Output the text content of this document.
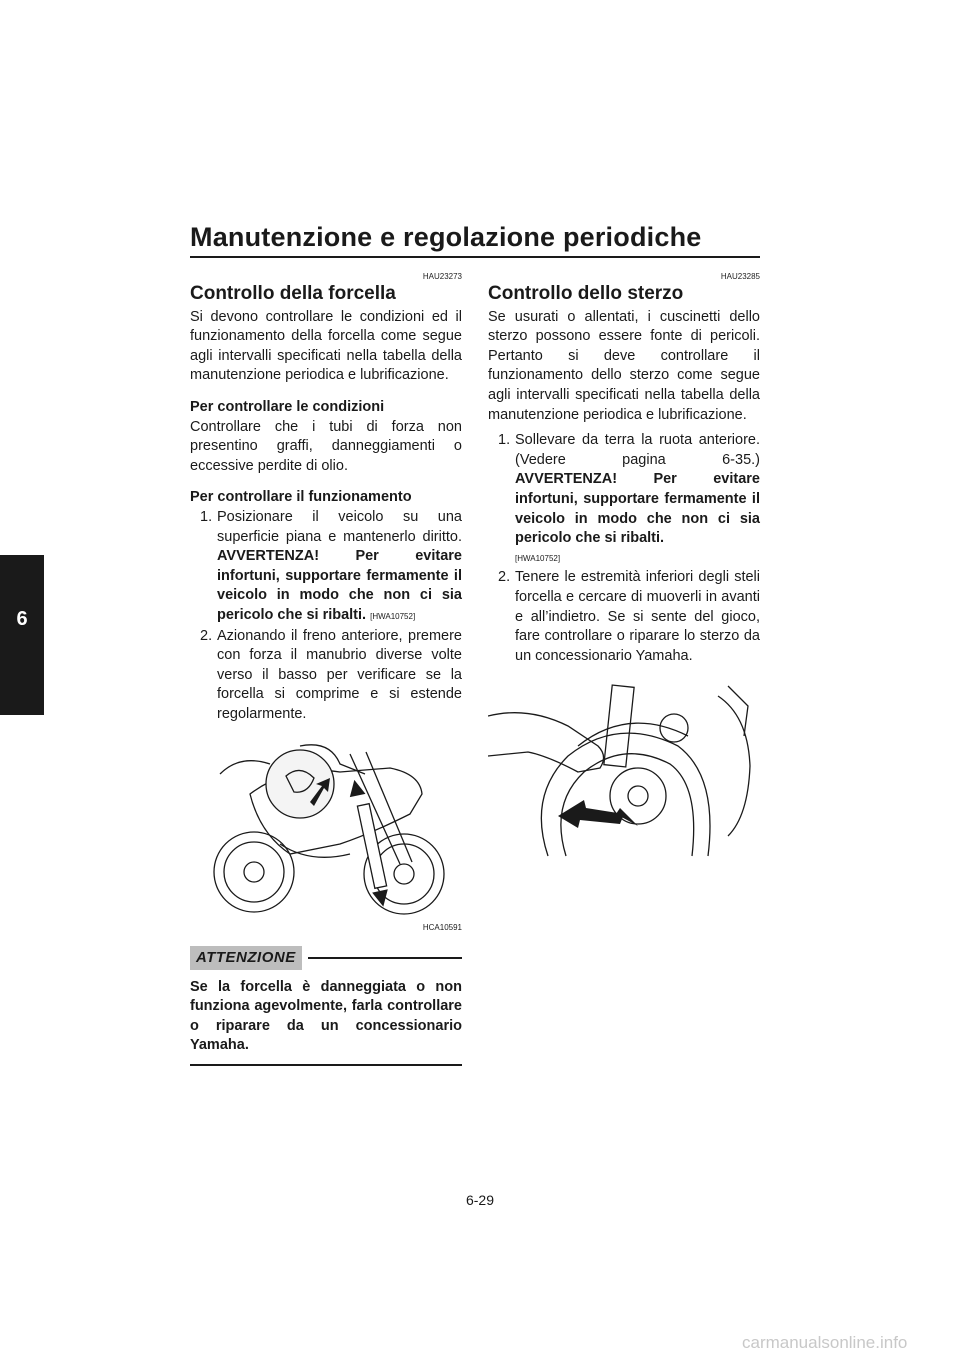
Manutenzione e regolazione periodiche
6
HAU23273
Controllo della forcella

Si devono controllare le condizioni ed il funzionamento della forcella come segue agli intervalli specificati nella tabella della manutenzione periodica e lubrificazione.

Per controllare le condizioni

Controllare che i tubi di forza non presentino graffi, danneggiamenti o eccessive perdite di olio.

Per controllare il funzionamento
1. Posizionare il veicolo su una superficie piana e mantenerlo diritto. AVVERTENZA! Per evitare infortuni, supportare fermamente il veicolo in modo che non ci sia pericolo che si ribalti. [HWA10752]
2. Azionando il freno anteriore, premere con forza il manubrio diverse volte verso il basso per verificare se la forcella si comprime e si estende regolarmente.
HCA10591
ATTENZIONE
Se la forcella è danneggiata o non funziona agevolmente, farla controllare o riparare da un concessionario Yamaha.
HAU23285
Controllo dello sterzo

Se usurati o allentati, i cuscinetti dello sterzo possono essere fonte di pericoli. Pertanto si deve controllare il funzionamento dello sterzo come segue agli intervalli specificati nella tabella della manutenzione periodica e lubrificazione.

1. Sollevare da terra la ruota anteriore. (Vedere pagina 6-35.) AVVERTENZA! Per evitare infortuni, supportare fermamente il veicolo in modo che non ci sia pericolo che si ribalti.
[HWA10752]
2. Tenere le estremità inferiori degli steli forcella e cercare di muoverli in avanti e all’indietro. Se si sente del gioco, fare controllare o riparare lo sterzo da un concessionario Yamaha.
6-29
carmanualsonline.info
